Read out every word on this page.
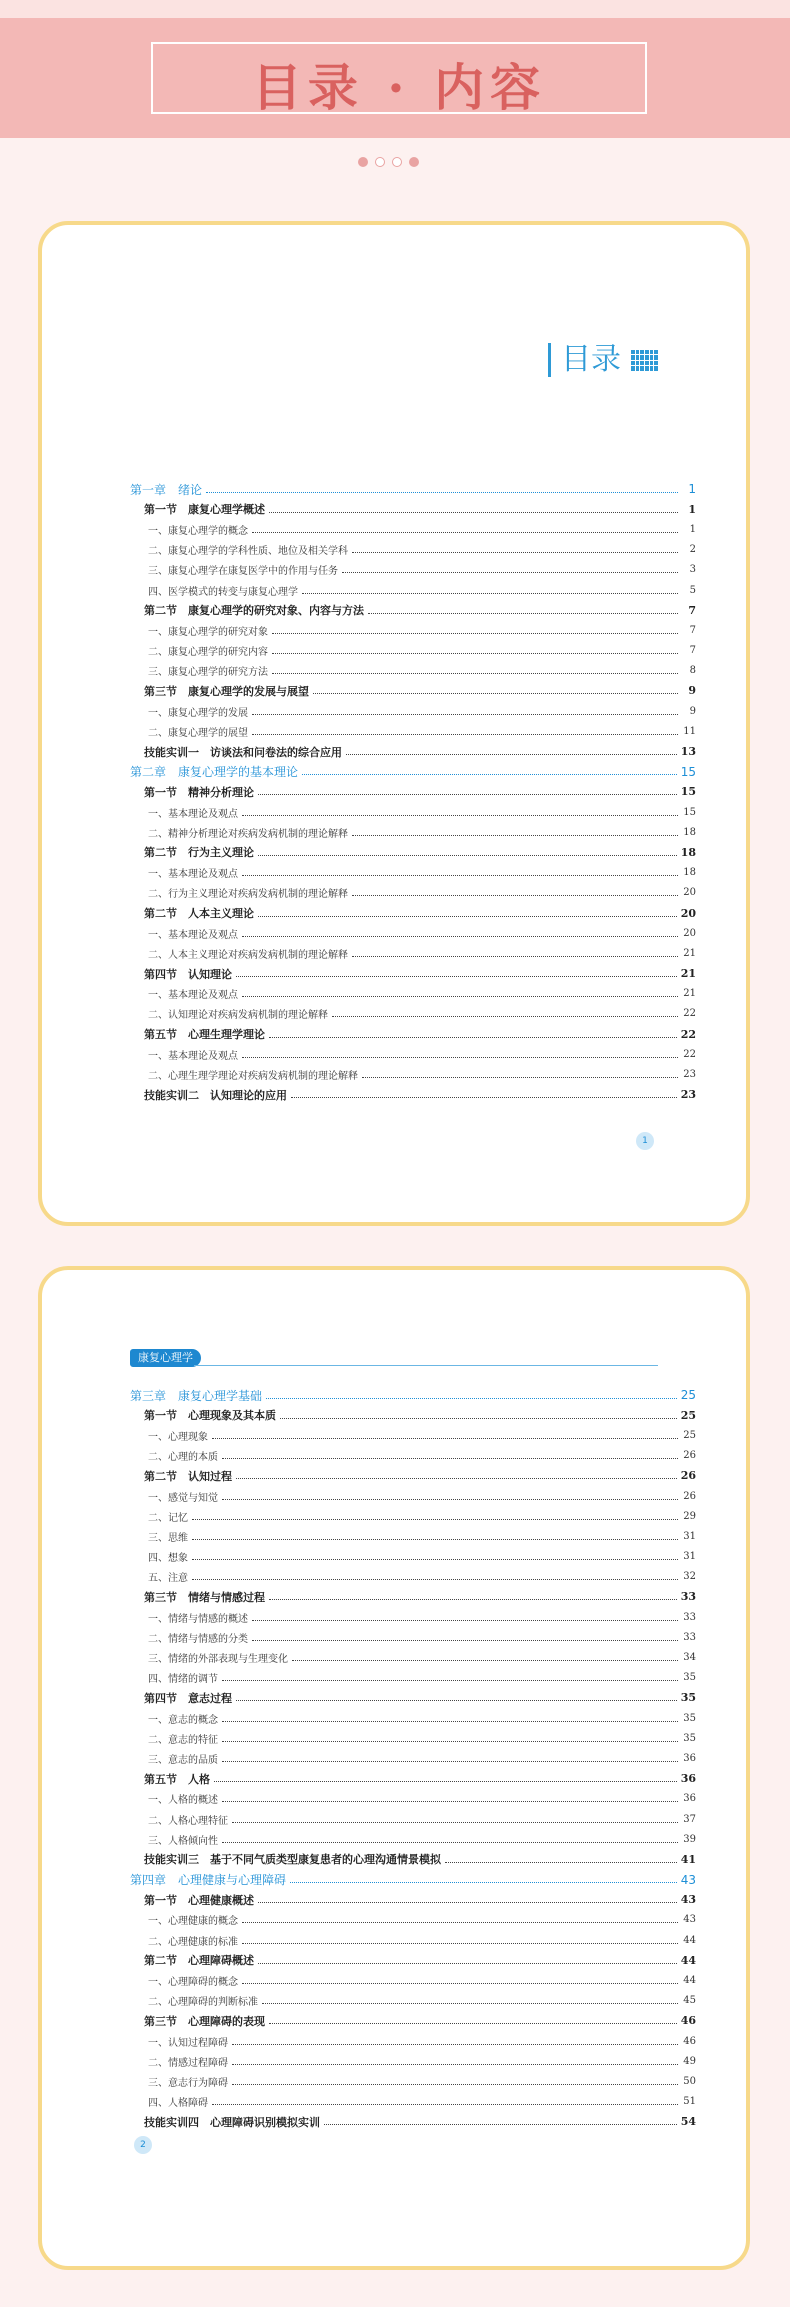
目录 · 内容
目录
第一章　绪论	1
第一节　康复心理学概述	1
一、康复心理学的概念	1
二、康复心理学的学科性质、地位及相关学科	2
三、康复心理学在康复医学中的作用与任务	3
四、医学模式的转变与康复心理学	5
第二节　康复心理学的研究对象、内容与方法	7
一、康复心理学的研究对象	7
二、康复心理学的研究内容	7
三、康复心理学的研究方法	8
第三节　康复心理学的发展与展望	9
一、康复心理学的发展	9
二、康复心理学的展望	11
技能实训一　访谈法和问卷法的综合应用	13
第二章　康复心理学的基本理论	15
第一节　精神分析理论	15
一、基本理论及观点	15
二、精神分析理论对疾病发病机制的理论解释	18
第二节　行为主义理论	18
一、基本理论及观点	18
二、行为主义理论对疾病发病机制的理论解释	20
第二节　人本主义理论	20
一、基本理论及观点	20
二、人本主义理论对疾病发病机制的理论解释	21
第四节　认知理论	21
一、基本理论及观点	21
二、认知理论对疾病发病机制的理论解释	22
第五节　心理生理学理论	22
一、基本理论及观点	22
二、心理生理学理论对疾病发病机制的理论解释	23
技能实训二　认知理论的应用	23
1
康复心理学
第三章　康复心理学基础	25
第一节　心理现象及其本质	25
一、心理现象	25
二、心理的本质	26
第二节　认知过程	26
一、感觉与知觉	26
二、记忆	29
三、思维	31
四、想象	31
五、注意	32
第三节　情绪与情感过程	33
一、情绪与情感的概述	33
二、情绪与情感的分类	33
三、情绪的外部表现与生理变化	34
四、情绪的调节	35
第四节　意志过程	35
一、意志的概念	35
二、意志的特征	35
三、意志的品质	36
第五节　人格	36
一、人格的概述	36
二、人格心理特征	37
三、人格倾向性	39
技能实训三　基于不同气质类型康复患者的心理沟通情景模拟	41
第四章　心理健康与心理障碍	43
第一节　心理健康概述	43
一、心理健康的概念	43
二、心理健康的标准	44
第二节　心理障碍概述	44
一、心理障碍的概念	44
二、心理障碍的判断标准	45
第三节　心理障碍的表现	46
一、认知过程障碍	46
二、情感过程障碍	49
三、意志行为障碍	50
四、人格障碍	51
技能实训四　心理障碍识别模拟实训	54
2
